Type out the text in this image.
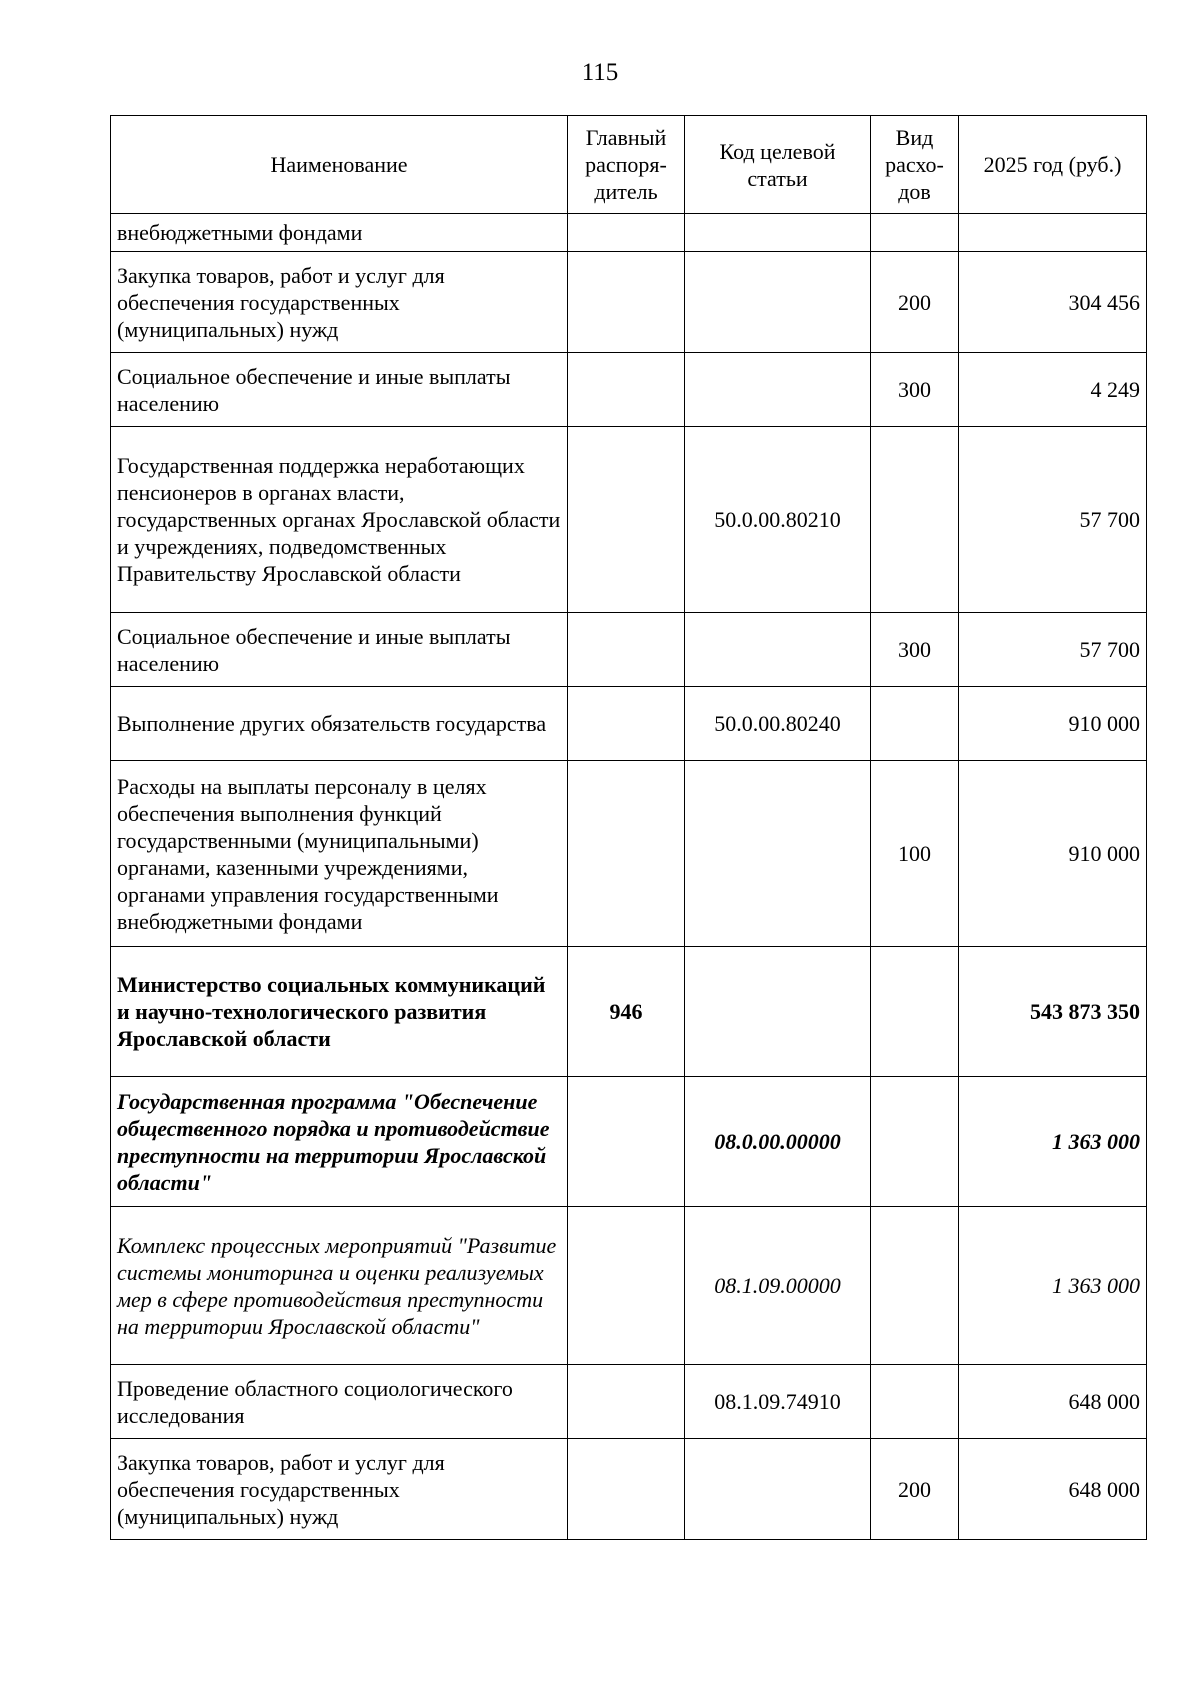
115
Наименование	Главный распоря-дитель	Код целевой статьи	Вид расхо-дов	2025 год (руб.)
внебюджетными фондами				
Закупка товаров, работ и услуг для обеспечения государственных (муниципальных) нужд			200	304 456
Социальное обеспечение и иные выплаты населению			300	4 249
Государственная поддержка неработающих пенсионеров в органах власти, государственных органах Ярославской области и учреждениях, подведомственных Правительству Ярославской области		50.0.00.80210		57 700
Социальное обеспечение и иные выплаты населению			300	57 700
Выполнение других обязательств государства		50.0.00.80240		910 000
Расходы на выплаты персоналу в целях обеспечения выполнения функций государственными (муниципальными) органами, казенными учреждениями, органами управления государственными внебюджетными фондами			100	910 000
Министерство социальных коммуникаций и научно-технологического развития Ярославской области	946			543 873 350
Государственная программа "Обеспечение общественного порядка и противодействие преступности на территории Ярославской области"		08.0.00.00000		1 363 000
Комплекс процессных мероприятий "Развитие системы мониторинга и оценки реализуемых мер в сфере противодействия преступности на территории Ярославской области"		08.1.09.00000		1 363 000
Проведение областного социологического исследования		08.1.09.74910		648 000
Закупка товаров, работ и услуг для обеспечения государственных (муниципальных) нужд			200	648 000
